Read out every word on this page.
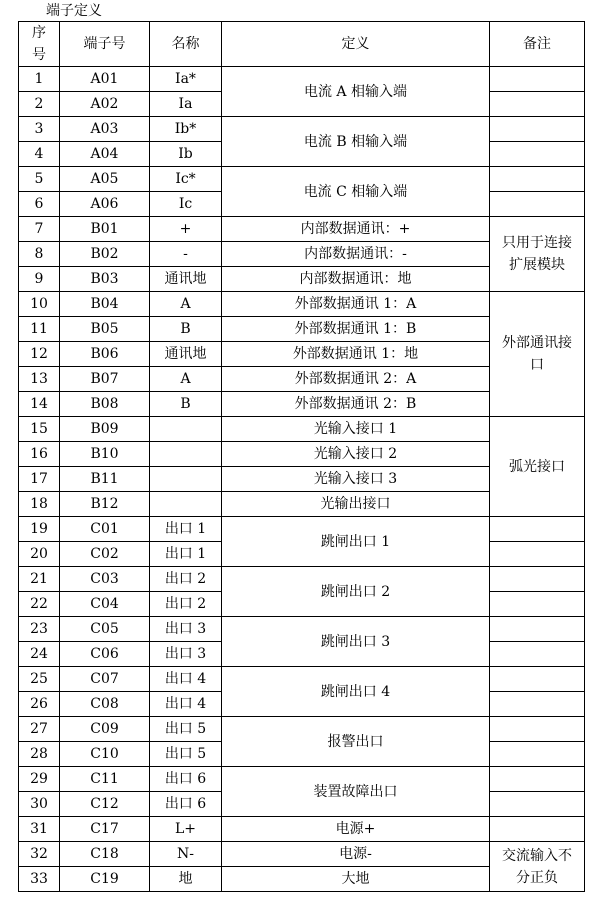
端子定义
序号	端子号	名称	定义	备注
1	A01	Ia*	电流 A 相输入端	
2	A02	Ia		
3	A03	Ib*	电流 B 相输入端	
4	A04	Ib		
5	A05	Ic*	电流 C 相输入端	
6	A06	Ic		
7	B01	+	内部数据通讯：+	只用于连接扩展模块
8	B02	-	内部数据通讯：-	
9	B03	通讯地	内部数据通讯：地	
10	B04	A	外部数据通讯 1：A	外部通讯接口
11	B05	B	外部数据通讯 1：B	
12	B06	通讯地	外部数据通讯 1：地	
13	B07	A	外部数据通讯 2：A	
14	B08	B	外部数据通讯 2：B	
15	B09		光输入接口 1	弧光接口
16	B10		光输入接口 2	
17	B11		光输入接口 3	
18	B12		光输出接口	
19	C01	出口 1	跳闸出口 1	
20	C02	出口 1		
21	C03	出口 2	跳闸出口 2	
22	C04	出口 2		
23	C05	出口 3	跳闸出口 3	
24	C06	出口 3		
25	C07	出口 4	跳闸出口 4	
26	C08	出口 4		
27	C09	出口 5	报警出口	
28	C10	出口 5		
29	C11	出口 6	装置故障出口	
30	C12	出口 6		
31	C17	L+	电源+	
32	C18	N-	电源-	交流输入不分正负
33	C19	地	大地	
